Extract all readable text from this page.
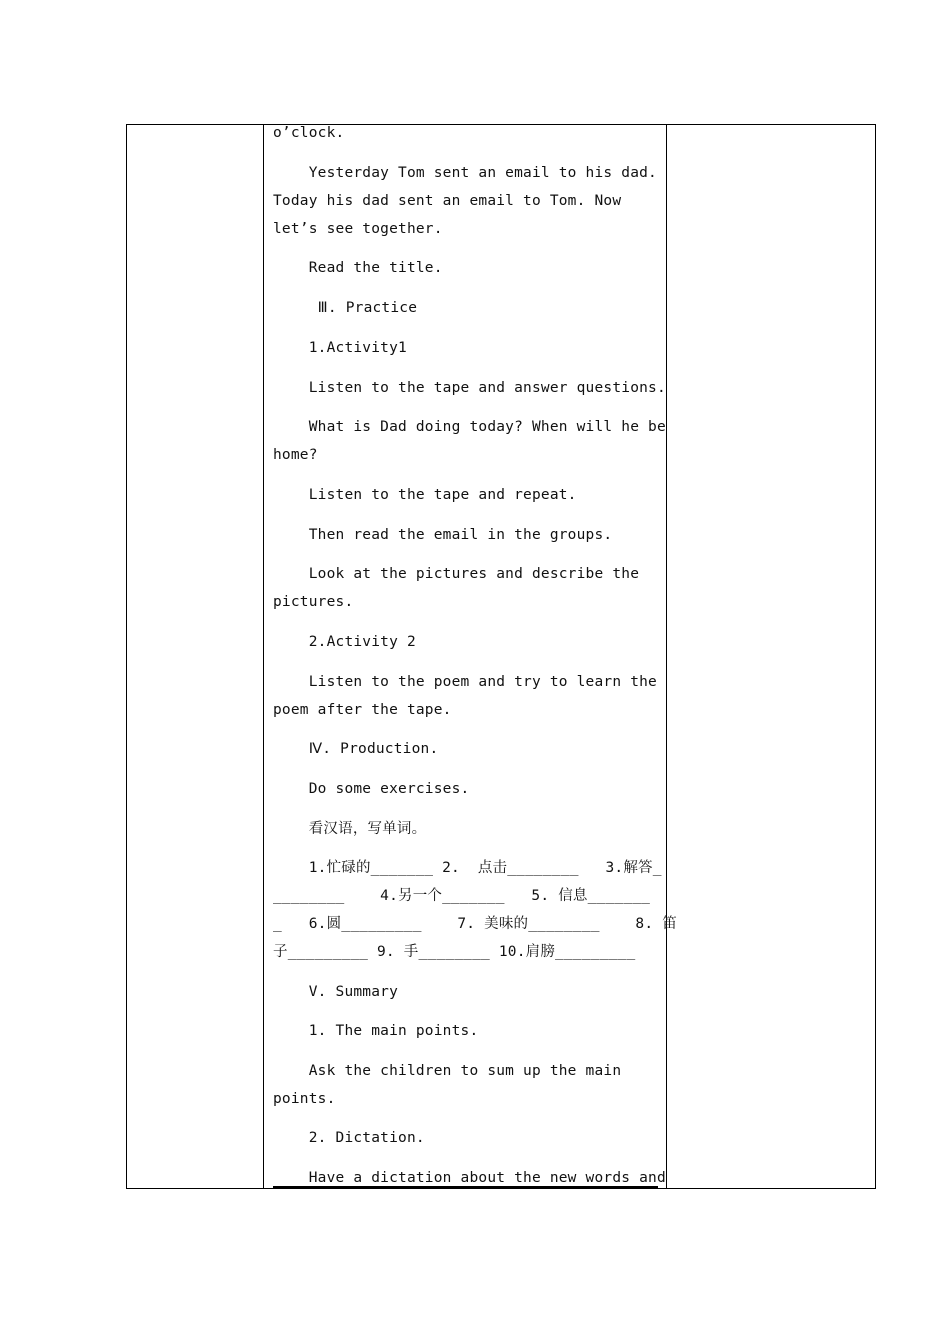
o’clock.
Yesterday Tom sent an email to his dad.
Today his dad sent an email to Tom. Now
let’s see together.
Read the title.
Ⅲ. Practice
1.Activity1
Listen to the tape and answer questions.
What is Dad doing today? When will he be
home?
Listen to the tape and repeat.
Then read the email in the groups.
Look at the pictures and describe the
pictures.
2.Activity 2
Listen to the poem and try to learn the
poem after the tape.
Ⅳ. Production.
Do some exercises.
看汉语，写单词。
1.忙碌的_______ 2.  点击________   3.解答_
________    4.另一个_______   5. 信息_______
_   6.圆_________    7. 美味的________    8. 笛
子_________ 9. 手________ 10.肩膀_________
V. Summary
1. The main points.
Ask the children to sum up the main
points.
2. Dictation.
Have a dictation about the new words and
